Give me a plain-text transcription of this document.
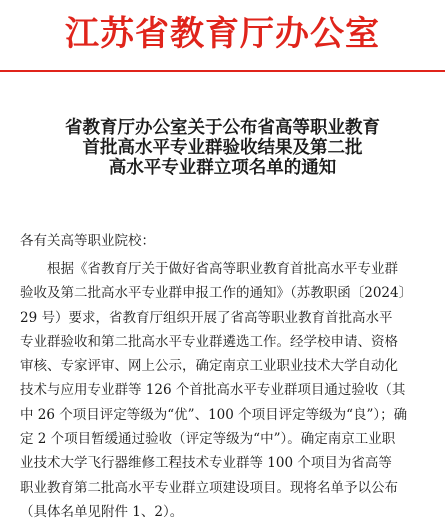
江苏省教育厅办公室
省教育厅办公室关于公布省高等职业教育
首批高水平专业群验收结果及第二批
高水平专业群立项名单的通知
各有关高等职业院校：
根据《省教育厅关于做好省高等职业教育首批高水平专业群
验收及第二批高水平专业群申报工作的通知》（苏教职函〔2024〕
29 号）要求，省教育厅组织开展了省高等职业教育首批高水平
专业群验收和第二批高水平专业群遴选工作。经学校申请、资格
审核、专家评审、网上公示，确定南京工业职业技术大学自动化
技术与应用专业群等 126 个首批高水平专业群项目通过验收（其
中 26 个项目评定等级为“优”、100 个项目评定等级为“良”）；确
定 2 个项目暂缓通过验收（评定等级为“中”）。确定南京工业职
业技术大学飞行器维修工程技术专业群等 100 个项目为省高等
职业教育第二批高水平专业群立项建设项目。现将名单予以公布
（具体名单见附件 1、2）。
